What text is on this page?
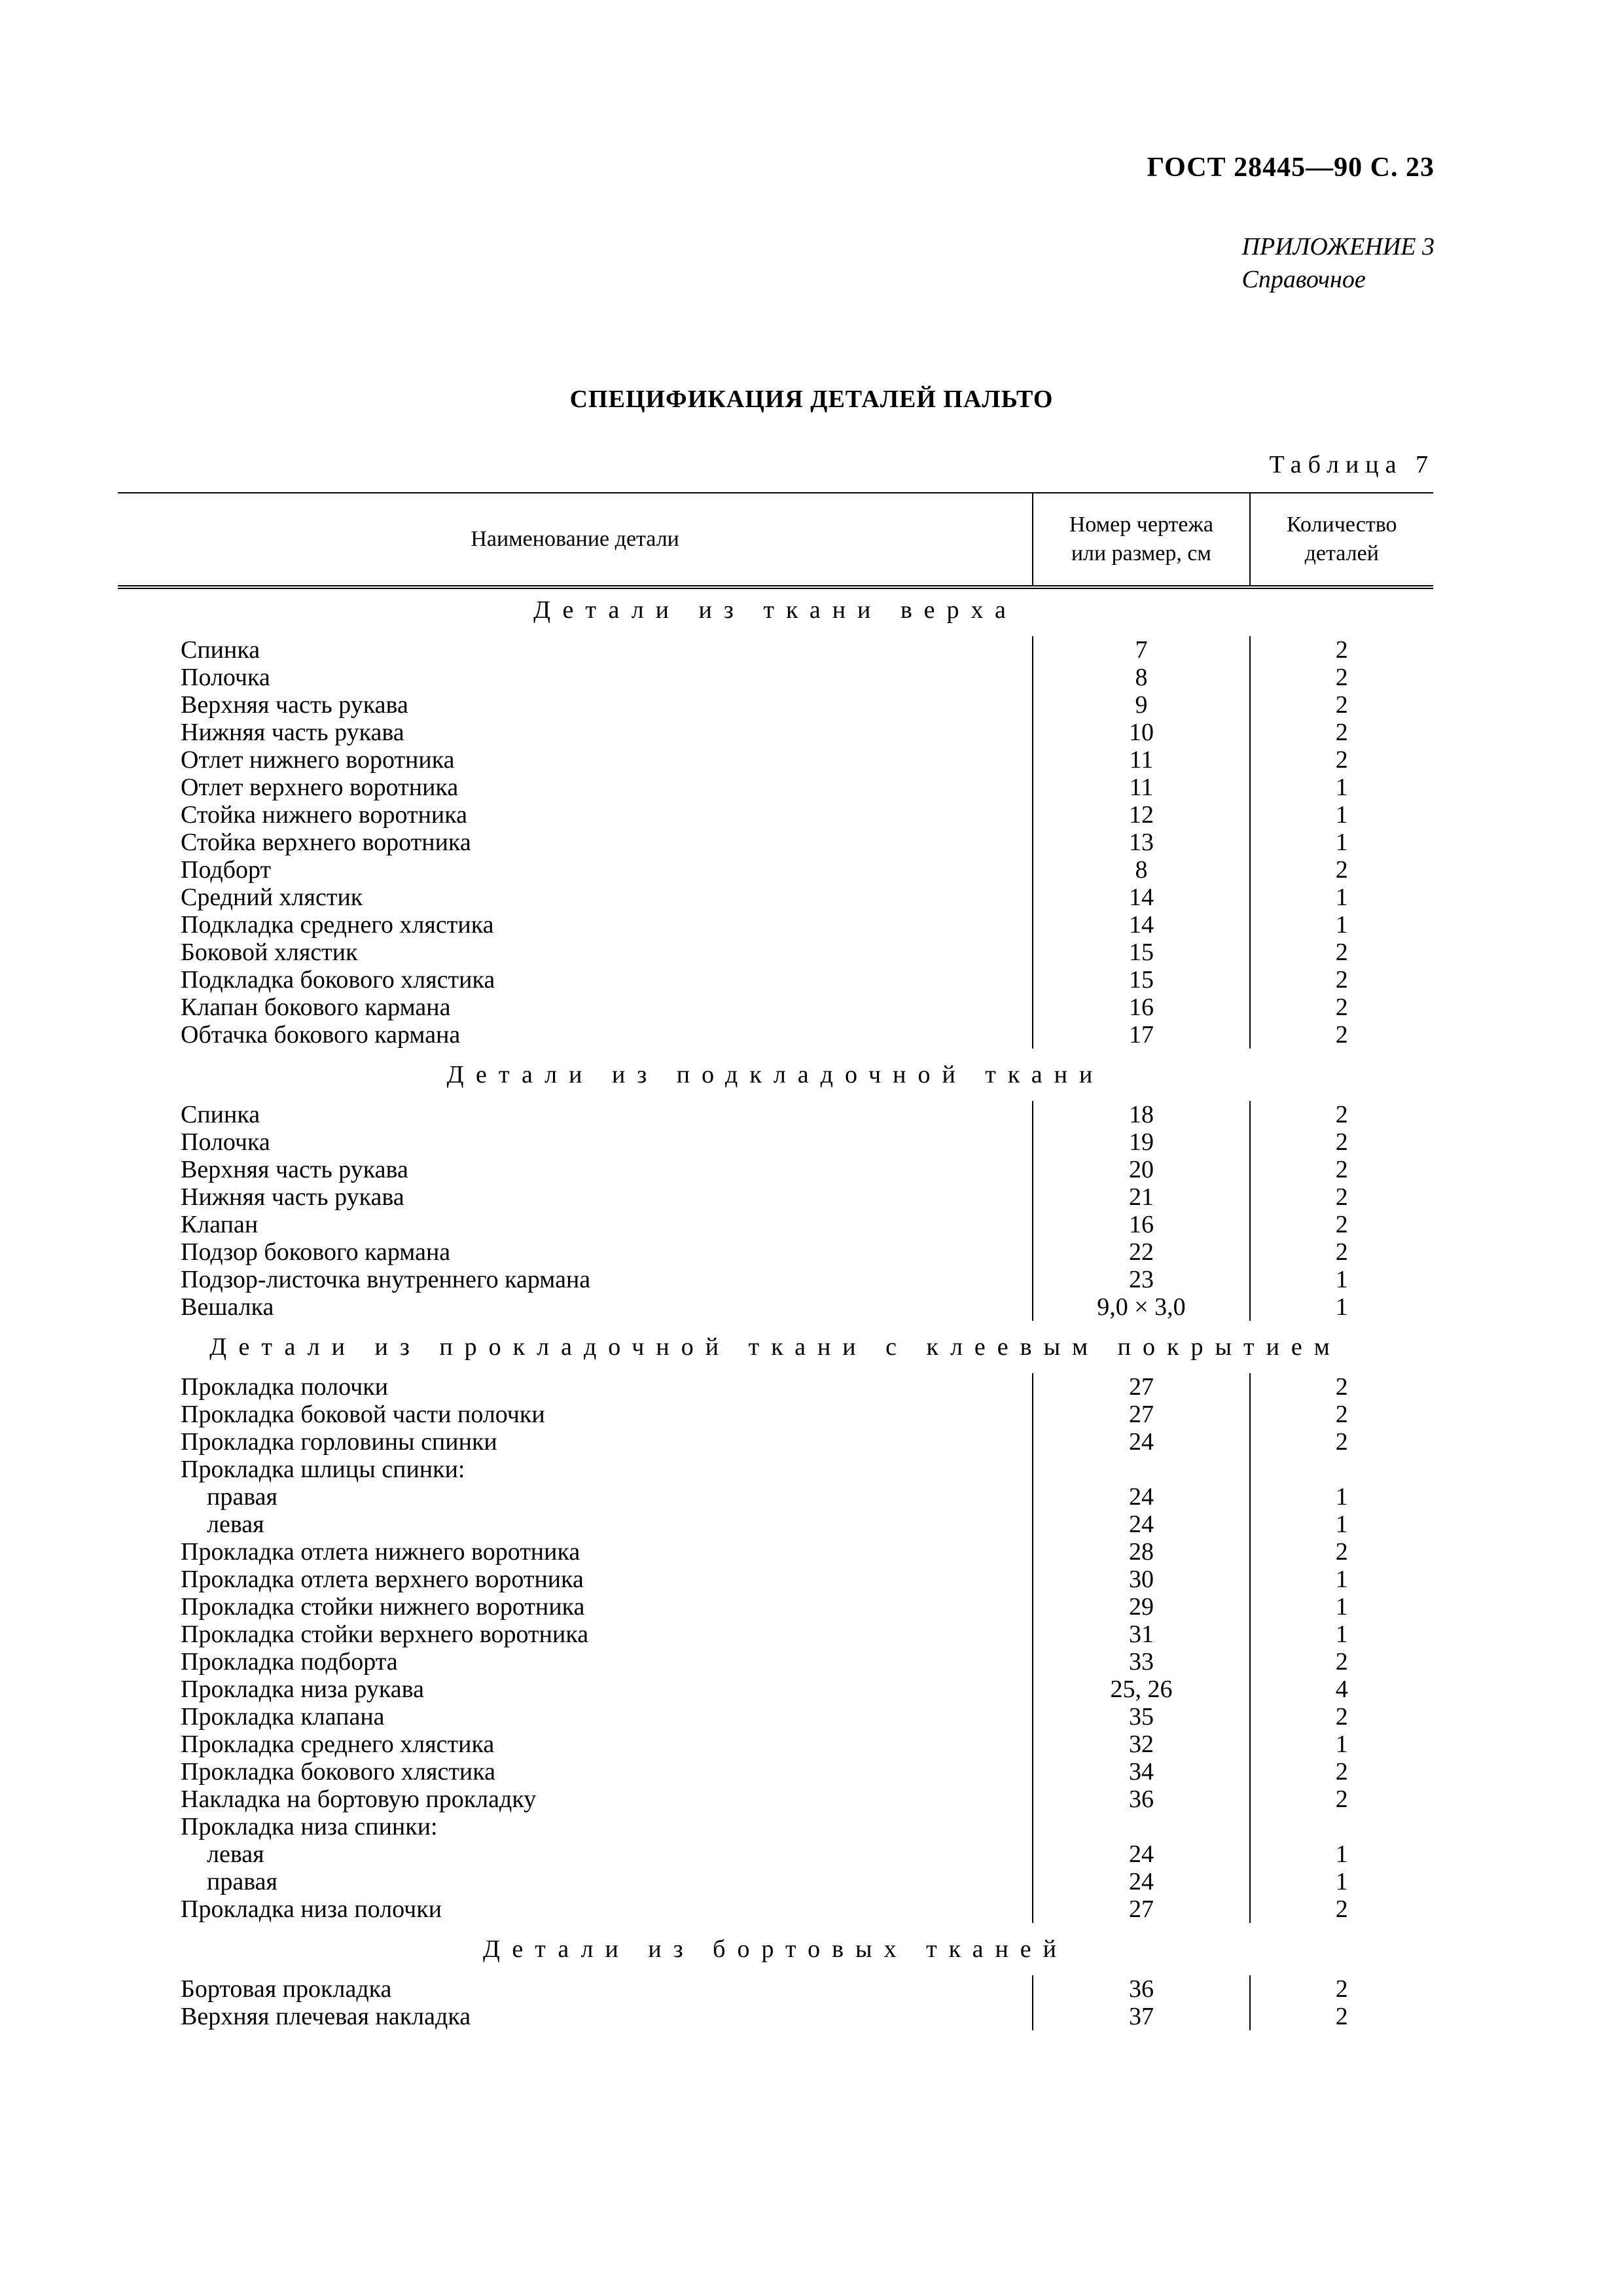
ГОСТ 28445—90 С. 23
ПРИЛОЖЕНИЕ 3
Справочное
СПЕЦИФИКАЦИЯ ДЕТАЛЕЙ ПАЛЬТО
Таблица 7
Наименование детали
Номер чертежа
или размер, см
Количество
деталей
Детали из ткани верха
Спинка
Полочка
Верхняя часть рукава
Нижняя часть рукава
Отлет нижнего воротника
Отлет верхнего воротника
Стойка нижнего воротника
Стойка верхнего воротника
Подборт
Средний хлястик
Подкладка среднего хлястика
Боковой хлястик
Подкладка бокового хлястика
Клапан бокового кармана
Обтачка бокового кармана
7
8
9
10
11
11
12
13
8
14
14
15
15
16
17
2
2
2
2
2
1
1
1
2
1
1
2
2
2
2
Детали из подкладочной ткани
Спинка
Полочка
Верхняя часть рукава
Нижняя часть рукава
Клапан
Подзор бокового кармана
Подзор-листочка внутреннего кармана
Вешалка
18
19
20
21
16
22
23
9,0 × 3,0
2
2
2
2
2
2
1
1
Детали из прокладочной ткани с клеевым покрытием
Прокладка полочки
Прокладка боковой части полочки
Прокладка горловины спинки
Прокладка шлицы спинки:
правая
левая
Прокладка отлета нижнего воротника
Прокладка отлета верхнего воротника
Прокладка стойки нижнего воротника
Прокладка стойки верхнего воротника
Прокладка подборта
Прокладка низа рукава
Прокладка клапана
Прокладка среднего хлястика
Прокладка бокового хлястика
Накладка на бортовую прокладку
Прокладка низа спинки:
левая
правая
Прокладка низа полочки
27
27
24
24
24
28
30
29
31
33
25, 26
35
32
34
36
24
24
27
2
2
2
1
1
2
1
1
1
2
4
2
1
2
2
1
1
2
Детали из бортовых тканей
Бортовая прокладка
Верхняя плечевая накладка
36
37
2
2
